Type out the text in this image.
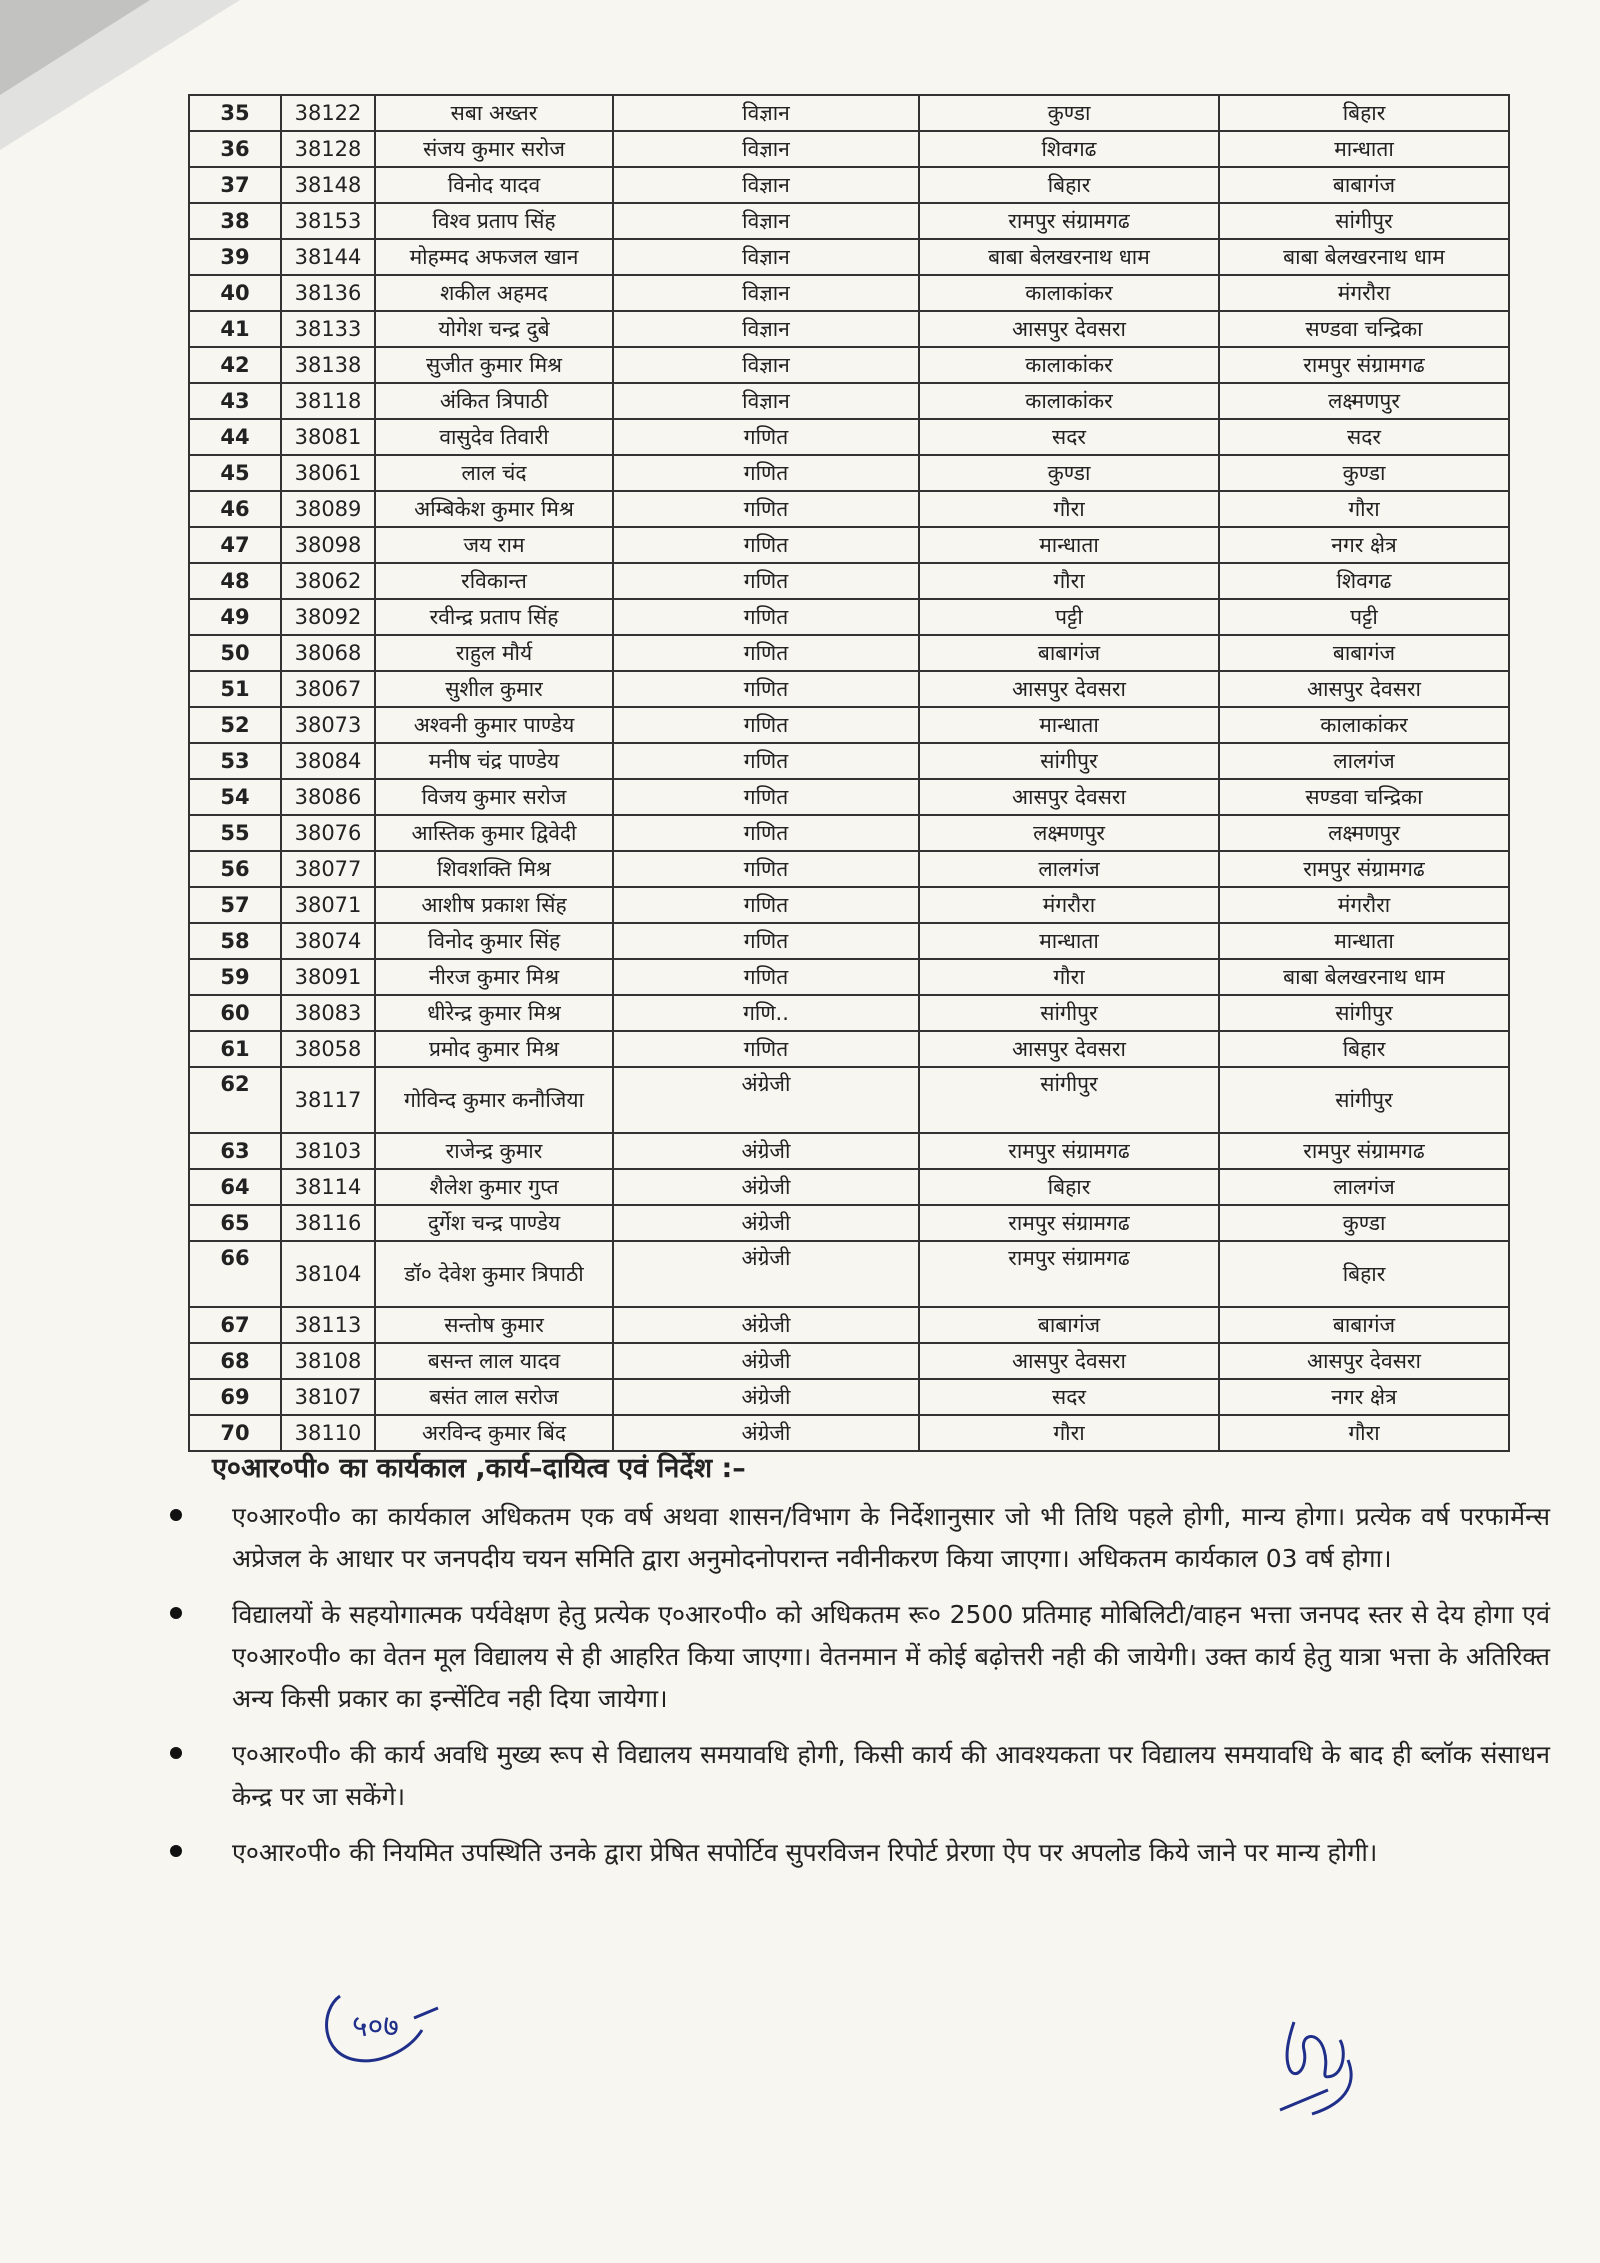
35	38122	सबा अख्तर	विज्ञान	कुण्डा	बिहार
36	38128	संजय कुमार सरोज	विज्ञान	शिवगढ	मान्धाता
37	38148	विनोद यादव	विज्ञान	बिहार	बाबागंज
38	38153	विश्व प्रताप सिंह	विज्ञान	रामपुर संग्रामगढ	सांगीपुर
39	38144	मोहम्मद अफजल खान	विज्ञान	बाबा बेलखरनाथ धाम	बाबा बेलखरनाथ धाम
40	38136	शकील अहमद	विज्ञान	कालाकांकर	मंगरौरा
41	38133	योगेश चन्द्र दुबे	विज्ञान	आसपुर देवसरा	सण्डवा चन्द्रिका
42	38138	सुजीत कुमार मिश्र	विज्ञान	कालाकांकर	रामपुर संग्रामगढ
43	38118	अंकित त्रिपाठी	विज्ञान	कालाकांकर	लक्ष्मणपुर
44	38081	वासुदेव तिवारी	गणित	सदर	सदर
45	38061	लाल चंद	गणित	कुण्डा	कुण्डा
46	38089	अम्बिकेश कुमार मिश्र	गणित	गौरा	गौरा
47	38098	जय राम	गणित	मान्धाता	नगर क्षेत्र
48	38062	रविकान्त	गणित	गौरा	शिवगढ
49	38092	रवीन्द्र प्रताप सिंह	गणित	पट्टी	पट्टी
50	38068	राहुल मौर्य	गणित	बाबागंज	बाबागंज
51	38067	सुशील कुमार	गणित	आसपुर देवसरा	आसपुर देवसरा
52	38073	अश्वनी कुमार पाण्डेय	गणित	मान्धाता	कालाकांकर
53	38084	मनीष चंद्र पाण्डेय	गणित	सांगीपुर	लालगंज
54	38086	विजय कुमार सरोज	गणित	आसपुर देवसरा	सण्डवा चन्द्रिका
55	38076	आस्तिक कुमार द्विवेदी	गणित	लक्ष्मणपुर	लक्ष्मणपुर
56	38077	शिवशक्ति मिश्र	गणित	लालगंज	रामपुर संग्रामगढ
57	38071	आशीष प्रकाश सिंह	गणित	मंगरौरा	मंगरौरा
58	38074	विनोद कुमार सिंह	गणित	मान्धाता	मान्धाता
59	38091	नीरज कुमार मिश्र	गणित	गौरा	बाबा बेलखरनाथ धाम
60	38083	धीरेन्द्र कुमार मिश्र	गणि..	सांगीपुर	सांगीपुर
61	38058	प्रमोद कुमार मिश्र	गणित	आसपुर देवसरा	बिहार
62	38117	गोविन्द कुमार कनौजिया	अंग्रेजी	सांगीपुर	सांगीपुर
63	38103	राजेन्द्र कुमार	अंग्रेजी	रामपुर संग्रामगढ	रामपुर संग्रामगढ
64	38114	शैलेश कुमार गुप्त	अंग्रेजी	बिहार	लालगंज
65	38116	दुर्गेश चन्द्र पाण्डेय	अंग्रेजी	रामपुर संग्रामगढ	कुण्डा
66	38104	डॉ० देवेश कुमार त्रिपाठी	अंग्रेजी	रामपुर संग्रामगढ	बिहार
67	38113	सन्तोष कुमार	अंग्रेजी	बाबागंज	बाबागंज
68	38108	बसन्त लाल यादव	अंग्रेजी	आसपुर देवसरा	आसपुर देवसरा
69	38107	बसंत लाल सरोज	अंग्रेजी	सदर	नगर क्षेत्र
70	38110	अरविन्द कुमार बिंद	अंग्रेजी	गौरा	गौरा
ए०आर०पी० का कार्यकाल ,कार्य–दायित्व एवं निर्देश :–
ए०आर०पी० का कार्यकाल अधिकतम एक वर्ष अथवा शासन/विभाग के निर्देशानुसार जो भी तिथि पहले होगी, मान्य होगा। प्रत्येक वर्ष परफार्मेन्स अप्रेजल के आधार पर जनपदीय चयन समिति द्वारा अनुमोदनोपरान्त नवीनीकरण किया जाएगा। अधिकतम कार्यकाल 03 वर्ष होगा।
विद्यालयों के सहयोगात्मक पर्यवेक्षण हेतु प्रत्येक ए०आर०पी० को अधिकतम रू० 2500 प्रतिमाह मोबिलिटी/वाहन भत्ता जनपद स्तर से देय होगा एवं ए०आर०पी० का वेतन मूल विद्यालय से ही आहरित किया जाएगा। वेतनमान में कोई बढ़ोत्तरी नही की जायेगी। उक्त कार्य हेतु यात्रा भत्ता के अतिरिक्त अन्य किसी प्रकार का इन्सेंटिव नही दिया जायेगा।
ए०आर०पी० की कार्य अवधि मुख्य रूप से विद्यालय समयावधि होगी, किसी कार्य की आवश्यकता पर विद्यालय समयावधि के बाद ही ब्लॉक संसाधन केन्द्र पर जा सकेंगे।
ए०आर०पी० की नियमित उपस्थिति उनके द्वारा प्रेषित सपोर्टिव सुपरविजन रिपोर्ट प्रेरणा ऐप पर अपलोड किये जाने पर मान्य होगी।
५०७
